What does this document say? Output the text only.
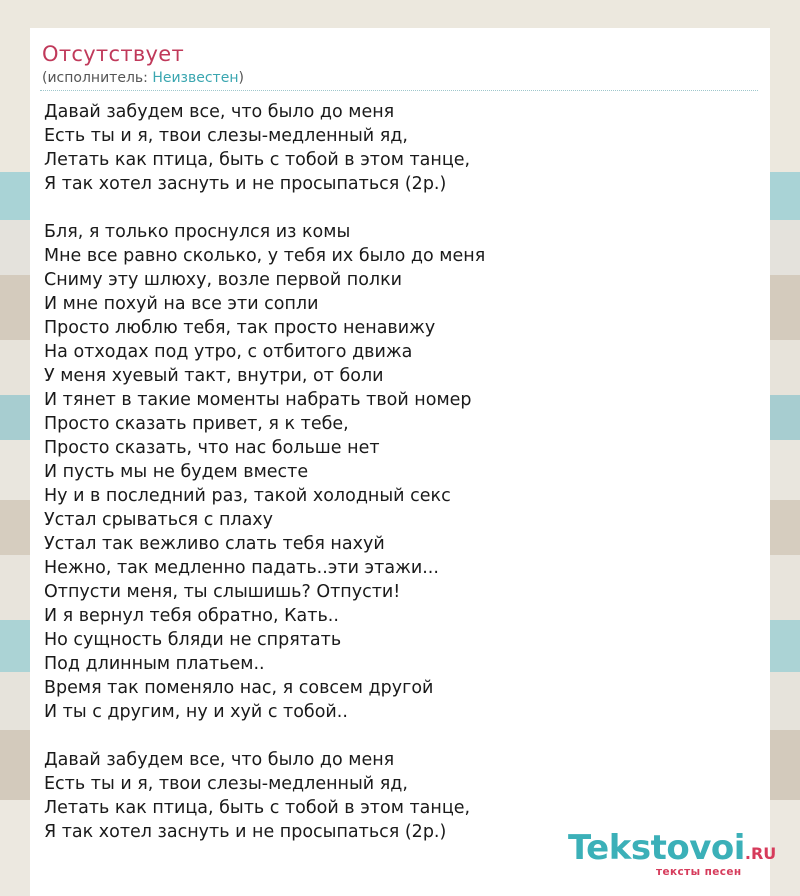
Отсутствует
(исполнитель: Неизвестен)
Давай забудем все, что было до меня
Есть ты и я, твои слезы-медленный яд,
Летать как птица, быть с тобой в этом танце,
Я так хотел заснуть и не просыпаться (2р.)
Бля, я только проснулся из комы
Мне все равно сколько, у тебя их было до меня
Сниму эту шлюху, возле первой полки
И мне похуй на все эти сопли
Просто люблю тебя, так просто ненавижу
На отходах под утро, с отбитого движа
У меня хуевый такт, внутри, от боли
И тянет в такие моменты набрать твой номер
Просто сказать привет, я к тебе,
Просто сказать, что нас больше нет
И пусть мы не будем вместе
Ну и в последний раз, такой холодный секс
Устал срываться с плаху
Устал так вежливо слать тебя нахуй
Нежно, так медленно падать..эти этажи...
Отпусти меня, ты слышишь? Отпусти!
И я вернул тебя обратно, Кать..
Но сущность бляди не спрятать
Под длинным платьем..
Время так поменяло нас, я совсем другой
И ты с другим, ну и хуй с тобой..
Давай забудем все, что было до меня
Есть ты и я, твои слезы-медленный яд,
Летать как птица, быть с тобой в этом танце,
Я так хотел заснуть и не просыпаться (2р.)	Tekstovoi.RU
тексты песен
